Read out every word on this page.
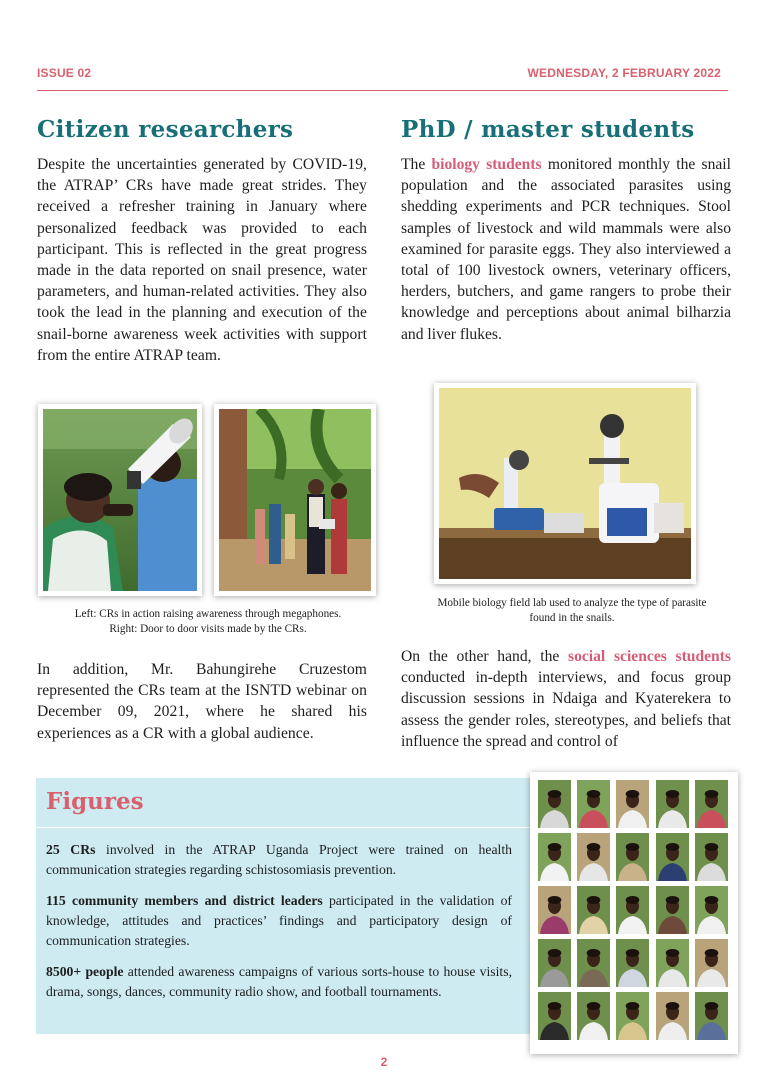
ISSUE 02	WEDNESDAY, 2 FEBRUARY 2022
Citizen researchers

Despite the uncertainties generated by COVID-19, the ATRAP’ CRs have made great strides. They received a refresher training in January where personalized feedback was provided to each participant. This is reflected in the great progress made in the data reported on snail presence, water parameters, and human-related activities. They also took the lead in the planning and execution of the snail-borne awareness week activities with support from the entire ATRAP team.

Left: CRs in action raising awareness through megaphones.
Right: Door to door visits made by the CRs.

In addition, Mr. Bahungirehe Cruzestom represented the CRs team at the ISNTD webinar on December 09, 2021, where he shared his experiences as a CR with a global audience.

PhD / master students

The biology students monitored monthly the snail population and the associated parasites using shedding experiments and PCR techniques. Stool samples of livestock and wild mammals were also examined for parasite eggs. They also interviewed a total of 100 livestock owners, veterinary officers, herders, butchers, and game rangers to probe their knowledge and perceptions about animal bilharzia and liver flukes.

Mobile biology field lab used to analyze the type of parasite
found in the snails.

On the other hand, the social sciences students conducted in-depth interviews, and focus group discussion sessions in Ndaiga and Kyaterekera to assess the gender roles, stereotypes, and beliefs that influence the spread and control of

Figures

25 CRs involved in the ATRAP Uganda Project were trained on health communication strategies regarding schistosomiasis prevention.

115 community members and district leaders participated in the validation of knowledge, attitudes and practices’ findings and participatory design of communication strategies.

8500+ people attended awareness campaigns of various sorts-house to house visits, drama, songs, dances, community radio show, and football tournaments.

2
